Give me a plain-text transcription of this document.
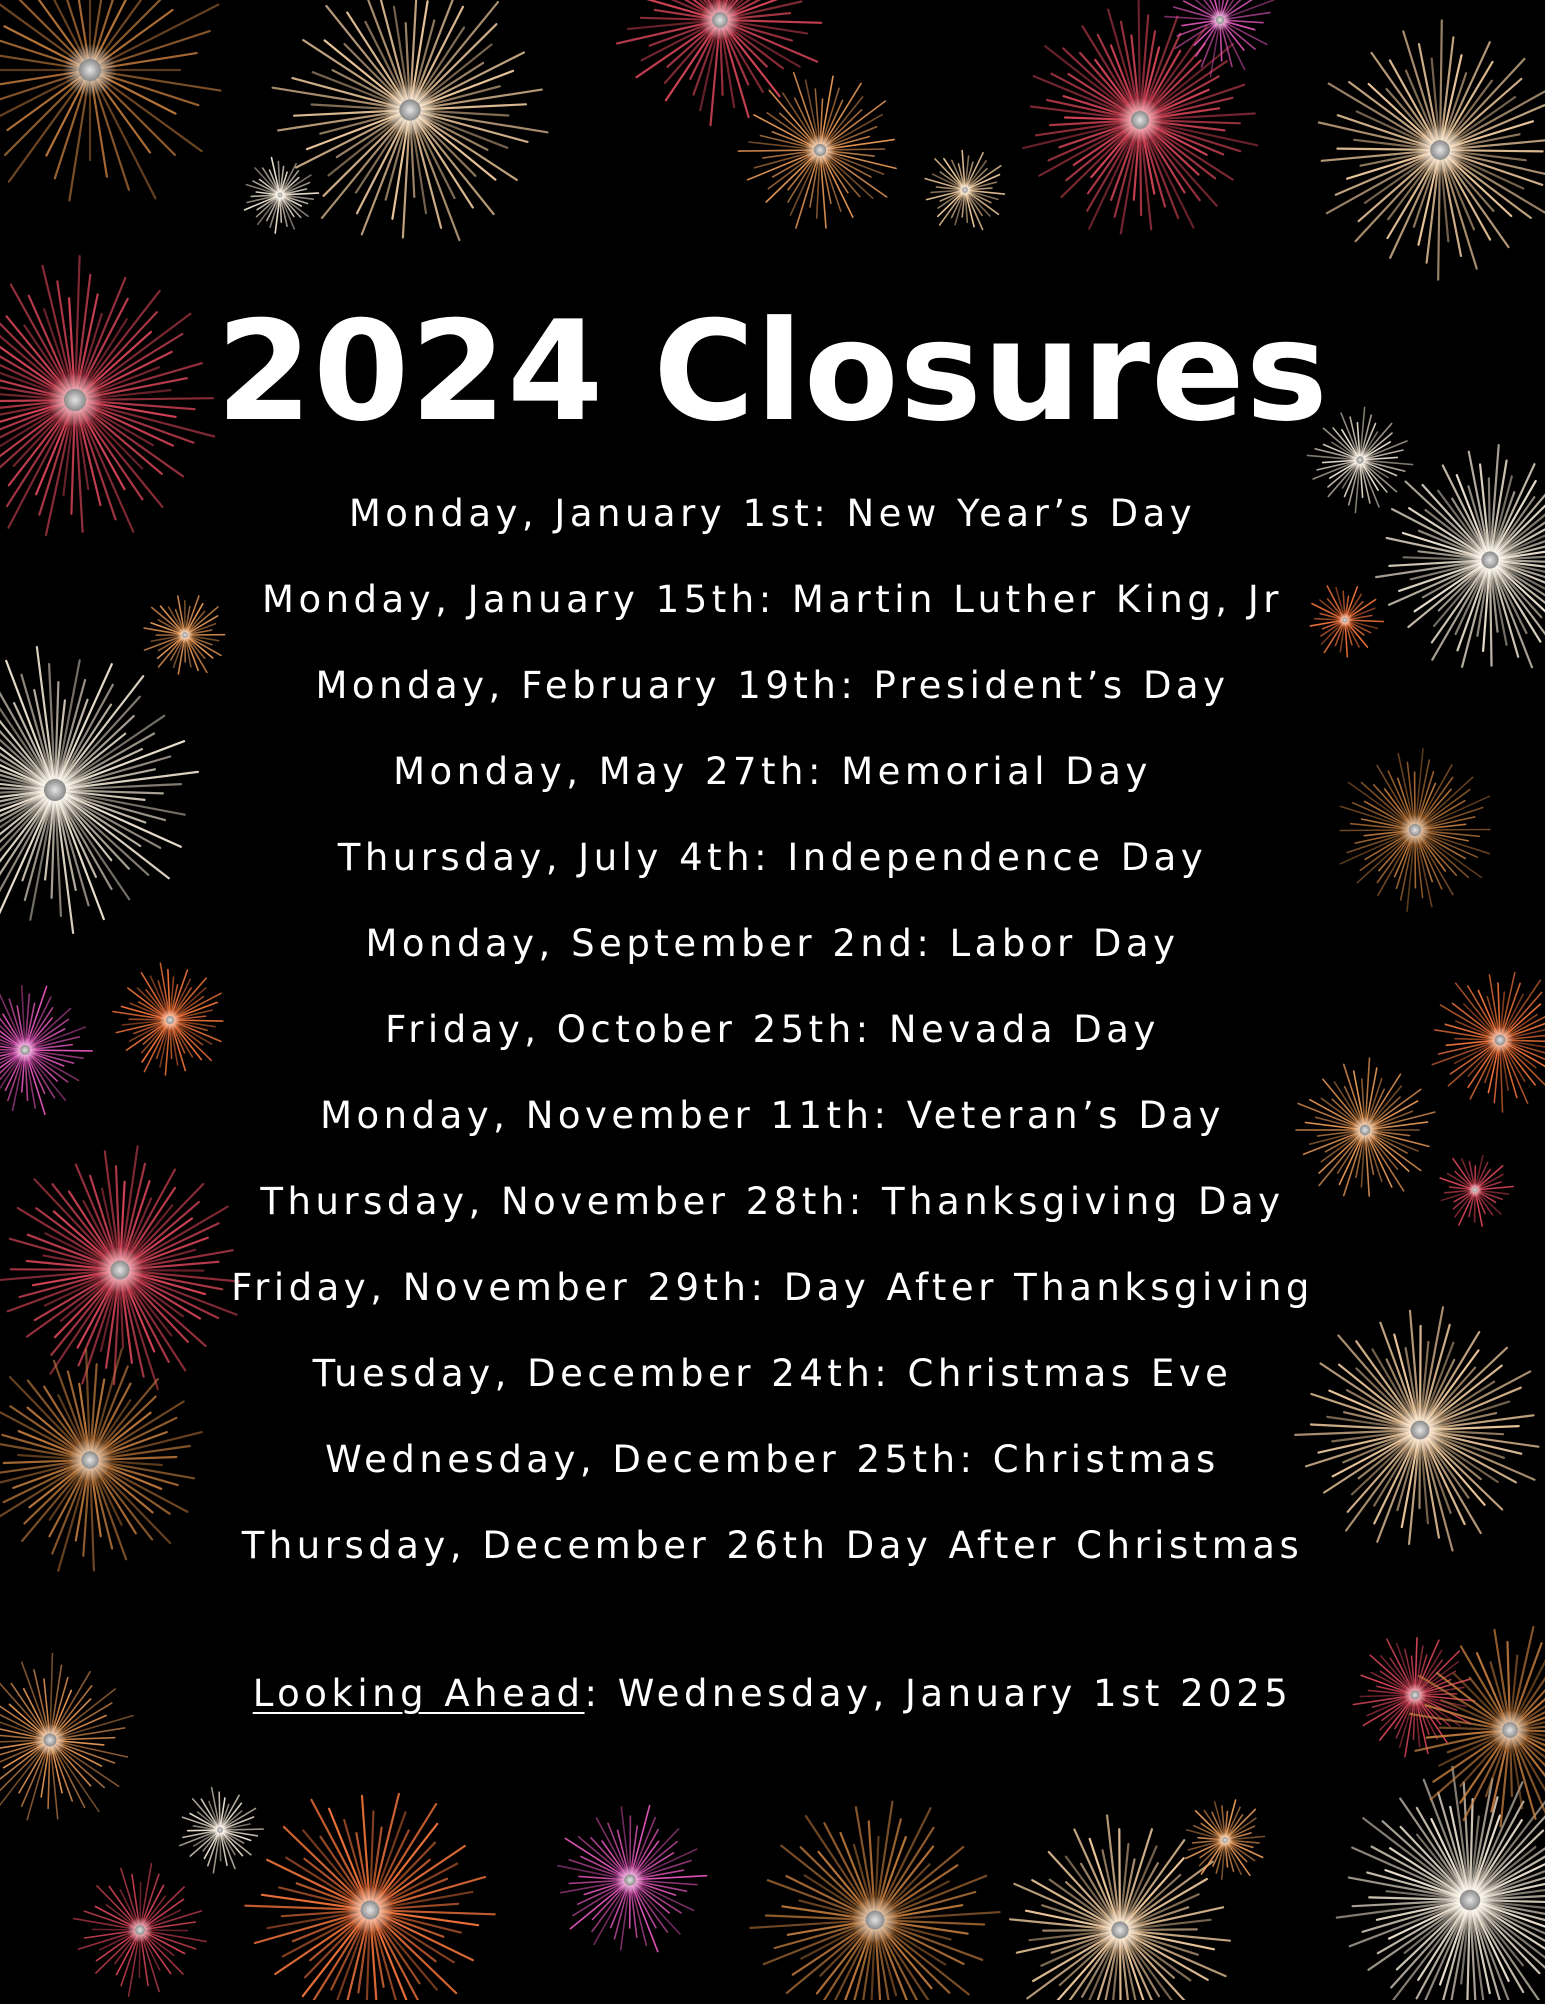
2024 Closures
Monday, January 1st: New Year’s Day
Monday, January 15th: Martin Luther King, Jr
Monday, February 19th: President’s Day
Monday, May 27th: Memorial Day
Thursday, July 4th: Independence Day
Monday, September 2nd: Labor Day
Friday, October 25th: Nevada Day
Monday, November 11th: Veteran’s Day
Thursday, November 28th: Thanksgiving Day
Friday, November 29th: Day After Thanksgiving
Tuesday, December 24th: Christmas Eve
Wednesday, December 25th: Christmas
Thursday, December 26th Day After Christmas
Looking Ahead: Wednesday, January 1st 2025
